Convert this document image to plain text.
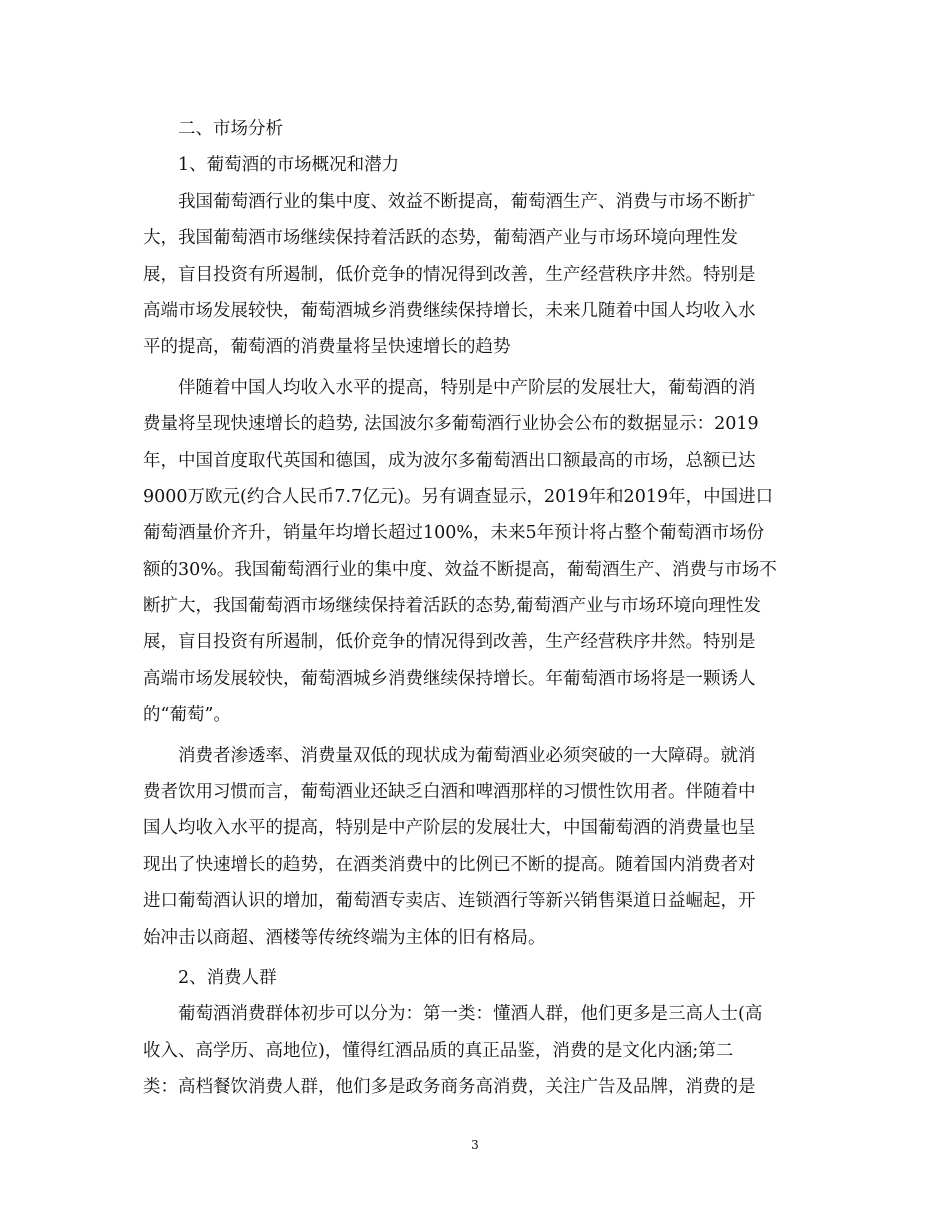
二、市场分析
1、葡萄酒的市场概况和潜力
我国葡萄酒行业的集中度、效益不断提高，葡萄酒生产、消费与市场不断扩
大，我国葡萄酒市场继续保持着活跃的态势，葡萄酒产业与市场环境向理性发
展，盲目投资有所遏制，低价竞争的情况得到改善，生产经营秩序井然。特别是
高端市场发展较快，葡萄酒城乡消费继续保持增长，未来几随着中国人均收入水
平的提高，葡萄酒的消费量将呈快速增长的趋势
伴随着中国人均收入水平的提高，特别是中产阶层的发展壮大，葡萄酒的消
费量将呈现快速增长的趋势, 法国波尔多葡萄酒行业协会公布的数据显示：2019
年，中国首度取代英国和德国，成为波尔多葡萄酒出口额最高的市场，总额已达
9000万欧元(约合人民币7.7亿元)。另有调查显示，2019年和2019年，中国进口
葡萄酒量价齐升，销量年均增长超过100%，未来5年预计将占整个葡萄酒市场份
额的30%。我国葡萄酒行业的集中度、效益不断提高，葡萄酒生产、消费与市场不
断扩大，我国葡萄酒市场继续保持着活跃的态势,葡萄酒产业与市场环境向理性发
展，盲目投资有所遏制，低价竞争的情况得到改善，生产经营秩序井然。特别是
高端市场发展较快，葡萄酒城乡消费继续保持增长。年葡萄酒市场将是一颗诱人
的“葡萄”。
消费者渗透率、消费量双低的现状成为葡萄酒业必须突破的一大障碍。就消
费者饮用习惯而言，葡萄酒业还缺乏白酒和啤酒那样的习惯性饮用者。伴随着中
国人均收入水平的提高，特别是中产阶层的发展壮大，中国葡萄酒的消费量也呈
现出了快速增长的趋势，在酒类消费中的比例已不断的提高。随着国内消费者对
进口葡萄酒认识的增加，葡萄酒专卖店、连锁酒行等新兴销售渠道日益崛起，开
始冲击以商超、酒楼等传统终端为主体的旧有格局。
2、消费人群
葡萄酒消费群体初步可以分为：第一类：懂酒人群，他们更多是三高人士(高
收入、高学历、高地位)，懂得红酒品质的真正品鉴，消费的是文化内涵;第二
类：高档餐饮消费人群，他们多是政务商务高消费，关注广告及品牌，消费的是
3
